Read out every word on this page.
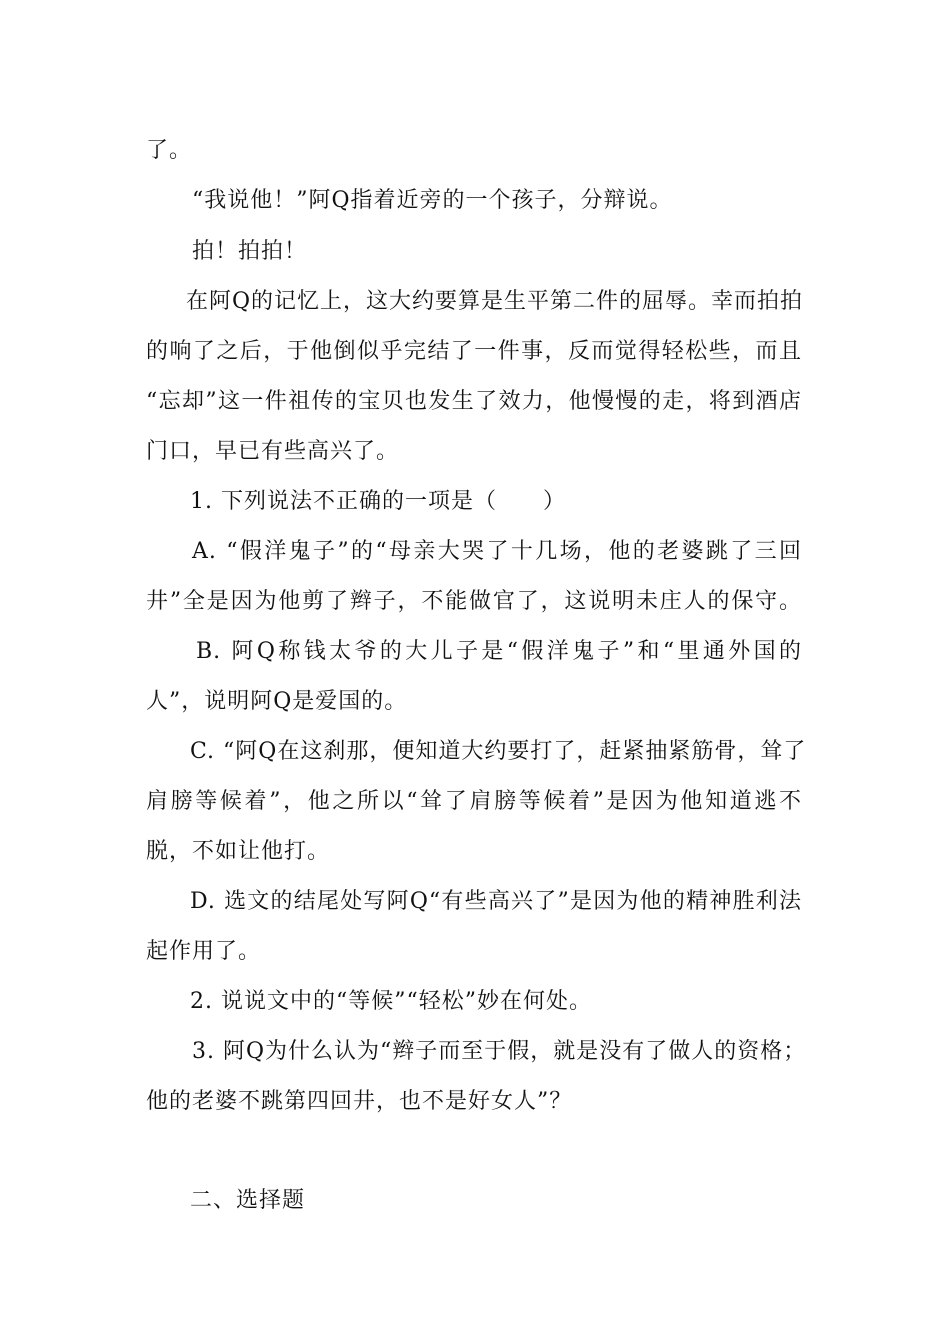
了。
“我说他！”阿Q指着近旁的一个孩子，分辩说。
拍！拍拍！
在阿Q的记忆上，这大约要算是生平第二件的屈辱。幸而拍拍
的响了之后，于他倒似乎完结了一件事，反而觉得轻松些，而且
“忘却”这一件祖传的宝贝也发生了效力，他慢慢的走，将到酒店
门口，早已有些高兴了。
1. 下列说法不正确的一项是（　　）
A. “假洋鬼子”的“母亲大哭了十几场，他的老婆跳了三回
井”全是因为他剪了辫子，不能做官了，这说明未庄人的保守。
B. 阿Q称钱太爷的大儿子是“假洋鬼子”和“里通外国的
人”，说明阿Q是爱国的。
C. “阿Q在这刹那，便知道大约要打了，赶紧抽紧筋骨，耸了
肩膀等候着”，他之所以“耸了肩膀等候着”是因为他知道逃不
脱，不如让他打。
D. 选文的结尾处写阿Q“有些高兴了”是因为他的精神胜利法
起作用了。
2. 说说文中的“等候”“轻松”妙在何处。
3. 阿Q为什么认为“辫子而至于假，就是没有了做人的资格；
他的老婆不跳第四回井，也不是好女人”？
二、选择题
